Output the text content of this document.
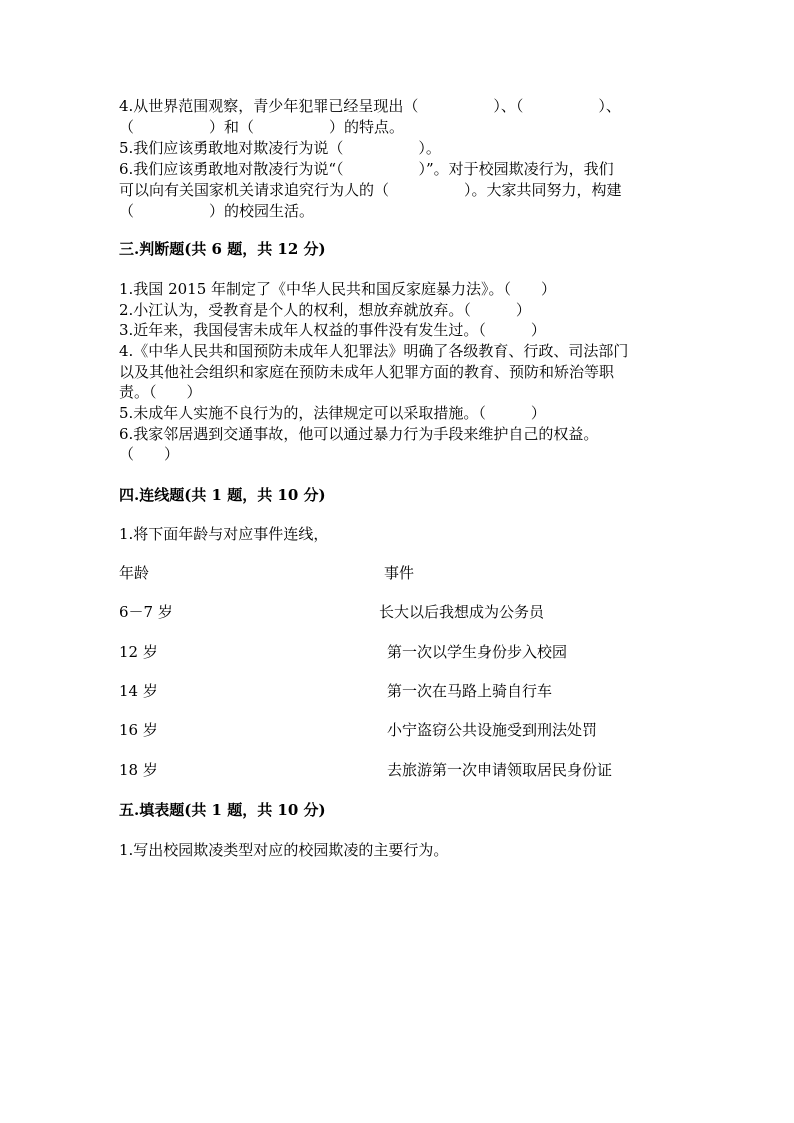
4.从世界范围观察，青少年犯罪已经呈现出（　　　　　）、（　　　　　）、
（　　　　　）和（　　　　　）的特点。
5.我们应该勇敢地对欺凌行为说（　　　　　）。
6.我们应该勇敢地对散凌行为说“（　　　　　）”。对于校园欺凌行为，我们
可以向有关国家机关请求追究行为人的（　　　　　）。大家共同努力，构建
（　　　　　）的校园生活。
三.判断题(共 6 题，共 12 分)
1.我国 2015 年制定了《中华人民共和国反家庭暴力法》。（　　）
2.小江认为，受教育是个人的权利，想放弃就放弃。（　　　）
3.近年来，我国侵害未成年人权益的事件没有发生过。（　　　）
4.《中华人民共和国预防未成年人犯罪法》明确了各级教育、行政、司法部门
以及其他社会组织和家庭在预防未成年人犯罪方面的教育、预防和矫治等职
责。（　　）
5.未成年人实施不良行为的，法律规定可以采取措施。（　　　）
6.我家邻居遇到交通事故，他可以通过暴力行为手段来维护自己的权益。
（　　）
四.连线题(共 1 题，共 10 分)
1.将下面年龄与对应事件连线，
年龄	事件
6－7 岁	长大以后我想成为公务员
12 岁	第一次以学生身份步入校园
14 岁	第一次在马路上骑自行车
16 岁	小宁盗窃公共设施受到刑法处罚
18 岁	去旅游第一次申请领取居民身份证
五.填表题(共 1 题，共 10 分)
1.写出校园欺凌类型对应的校园欺凌的主要行为。
